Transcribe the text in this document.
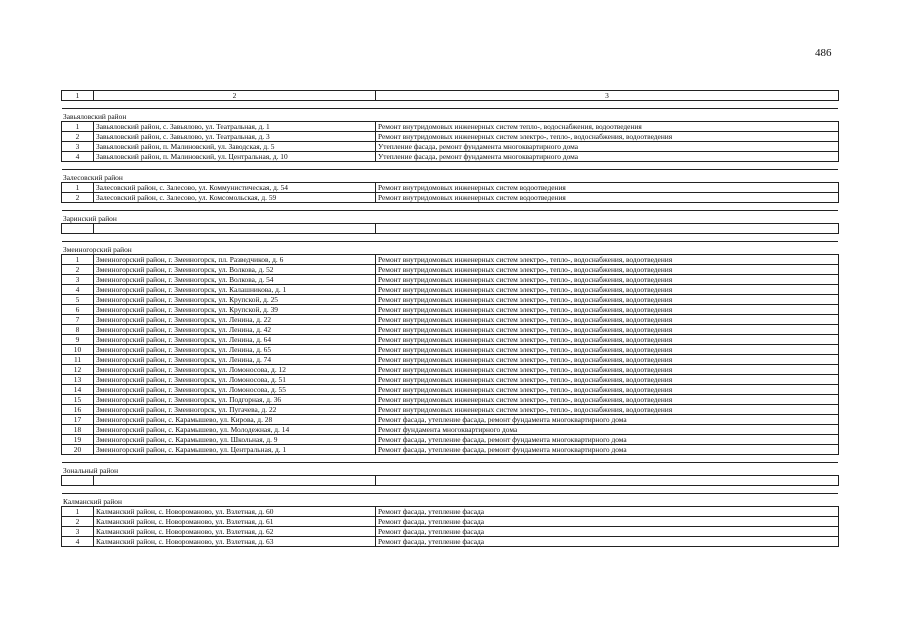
486
1	2	3

Завьяловский район		
1	Завьяловский район, с. Завьялово, ул. Театральная, д. 1	Ремонт внутридомовых инженерных систем тепло-, водоснабжения, водоотведения
2	Завьяловский район, с. Завьялово, ул. Театральная, д. 3	Ремонт внутридомовых инженерных систем электро-, тепло-, водоснабжения, водоотведения
3	Завьяловский район, п. Малиновский, ул. Заводская, д. 5	Утепление фасада, ремонт фундамента многоквартирного дома
4	Завьяловский район, п. Малиновский, ул. Центральная, д. 10	Утепление фасада, ремонт фундамента многоквартирного дома

Залесовский район		
1	Залесовский район, с. Залесово, ул. Коммунистическая, д. 54	Ремонт внутридомовых инженерных систем водоотведения
2	Залесовский район, с. Залесово, ул. Комсомольская, д. 59	Ремонт внутридомовых инженерных систем водоотведения

Заринский район		

Змеиногорский район		
1	Змеиногорский район, г. Змеиногорск, пл. Разведчиков, д. 6	Ремонт внутридомовых инженерных систем электро-, тепло-, водоснабжения, водоотведения
2	Змеиногорский район, г. Змеиногорск, ул. Волкова, д. 52	Ремонт внутридомовых инженерных систем электро-, тепло-, водоснабжения, водоотведения
3	Змеиногорский район, г. Змеиногорск, ул. Волкова, д. 54	Ремонт внутридомовых инженерных систем электро-, тепло-, водоснабжения, водоотведения
4	Змеиногорский район, г. Змеиногорск, ул. Калашникова, д. 1	Ремонт внутридомовых инженерных систем электро-, тепло-, водоснабжения, водоотведения
5	Змеиногорский район, г. Змеиногорск, ул. Крупской, д. 25	Ремонт внутридомовых инженерных систем электро-, тепло-, водоснабжения, водоотведения
6	Змеиногорский район, г. Змеиногорск, ул. Крупской, д. 39	Ремонт внутридомовых инженерных систем электро-, тепло-, водоснабжения, водоотведения
7	Змеиногорский район, г. Змеиногорск, ул. Ленина, д. 22	Ремонт внутридомовых инженерных систем электро-, тепло-, водоснабжения, водоотведения
8	Змеиногорский район, г. Змеиногорск, ул. Ленина, д. 42	Ремонт внутридомовых инженерных систем электро-, тепло-, водоснабжения, водоотведения
9	Змеиногорский район, г. Змеиногорск, ул. Ленина, д. 64	Ремонт внутридомовых инженерных систем электро-, тепло-, водоснабжения, водоотведения
10	Змеиногорский район, г. Змеиногорск, ул. Ленина, д. 65	Ремонт внутридомовых инженерных систем электро-, тепло-, водоснабжения, водоотведения
11	Змеиногорский район, г. Змеиногорск, ул. Ленина, д. 74	Ремонт внутридомовых инженерных систем электро-, тепло-, водоснабжения, водоотведения
12	Змеиногорский район, г. Змеиногорск, ул. Ломоносова, д. 12	Ремонт внутридомовых инженерных систем электро-, тепло-, водоснабжения, водоотведения
13	Змеиногорский район, г. Змеиногорск, ул. Ломоносова, д. 51	Ремонт внутридомовых инженерных систем электро-, тепло-, водоснабжения, водоотведения
14	Змеиногорский район, г. Змеиногорск, ул. Ломоносова, д. 55	Ремонт внутридомовых инженерных систем электро-, тепло-, водоснабжения, водоотведения
15	Змеиногорский район, г. Змеиногорск, ул. Подгорная, д. 36	Ремонт внутридомовых инженерных систем электро-, тепло-, водоснабжения, водоотведения
16	Змеиногорский район, г. Змеиногорск, ул. Пугачева, д. 22	Ремонт внутридомовых инженерных систем электро-, тепло-, водоснабжения, водоотведения
17	Змеиногорский район, с. Карамышево, ул. Кирова, д. 28	Ремонт фасада, утепление фасада, ремонт фундамента многоквартирного дома
18	Змеиногорский район, с. Карамышево, ул. Молодежная, д. 14	Ремонт фундамента многоквартирного дома
19	Змеиногорский район, с. Карамышево, ул. Школьная, д. 9	Ремонт фасада, утепление фасада, ремонт фундамента многоквартирного дома
20	Змеиногорский район, с. Карамышево, ул. Центральная, д. 1	Ремонт фасада, утепление фасада, ремонт фундамента многоквартирного дома

Зональный район		

Калманский район		
1	Калманский район, с. Новороманово, ул. Взлетная, д. 60	Ремонт фасада, утепление фасада
2	Калманский район, с. Новороманово, ул. Взлетная, д. 61	Ремонт фасада, утепление фасада
3	Калманский район, с. Новороманово, ул. Взлетная, д. 62	Ремонт фасада, утепление фасада
4	Калманский район, с. Новороманово, ул. Взлетная, д. 63	Ремонт фасада, утепление фасада
